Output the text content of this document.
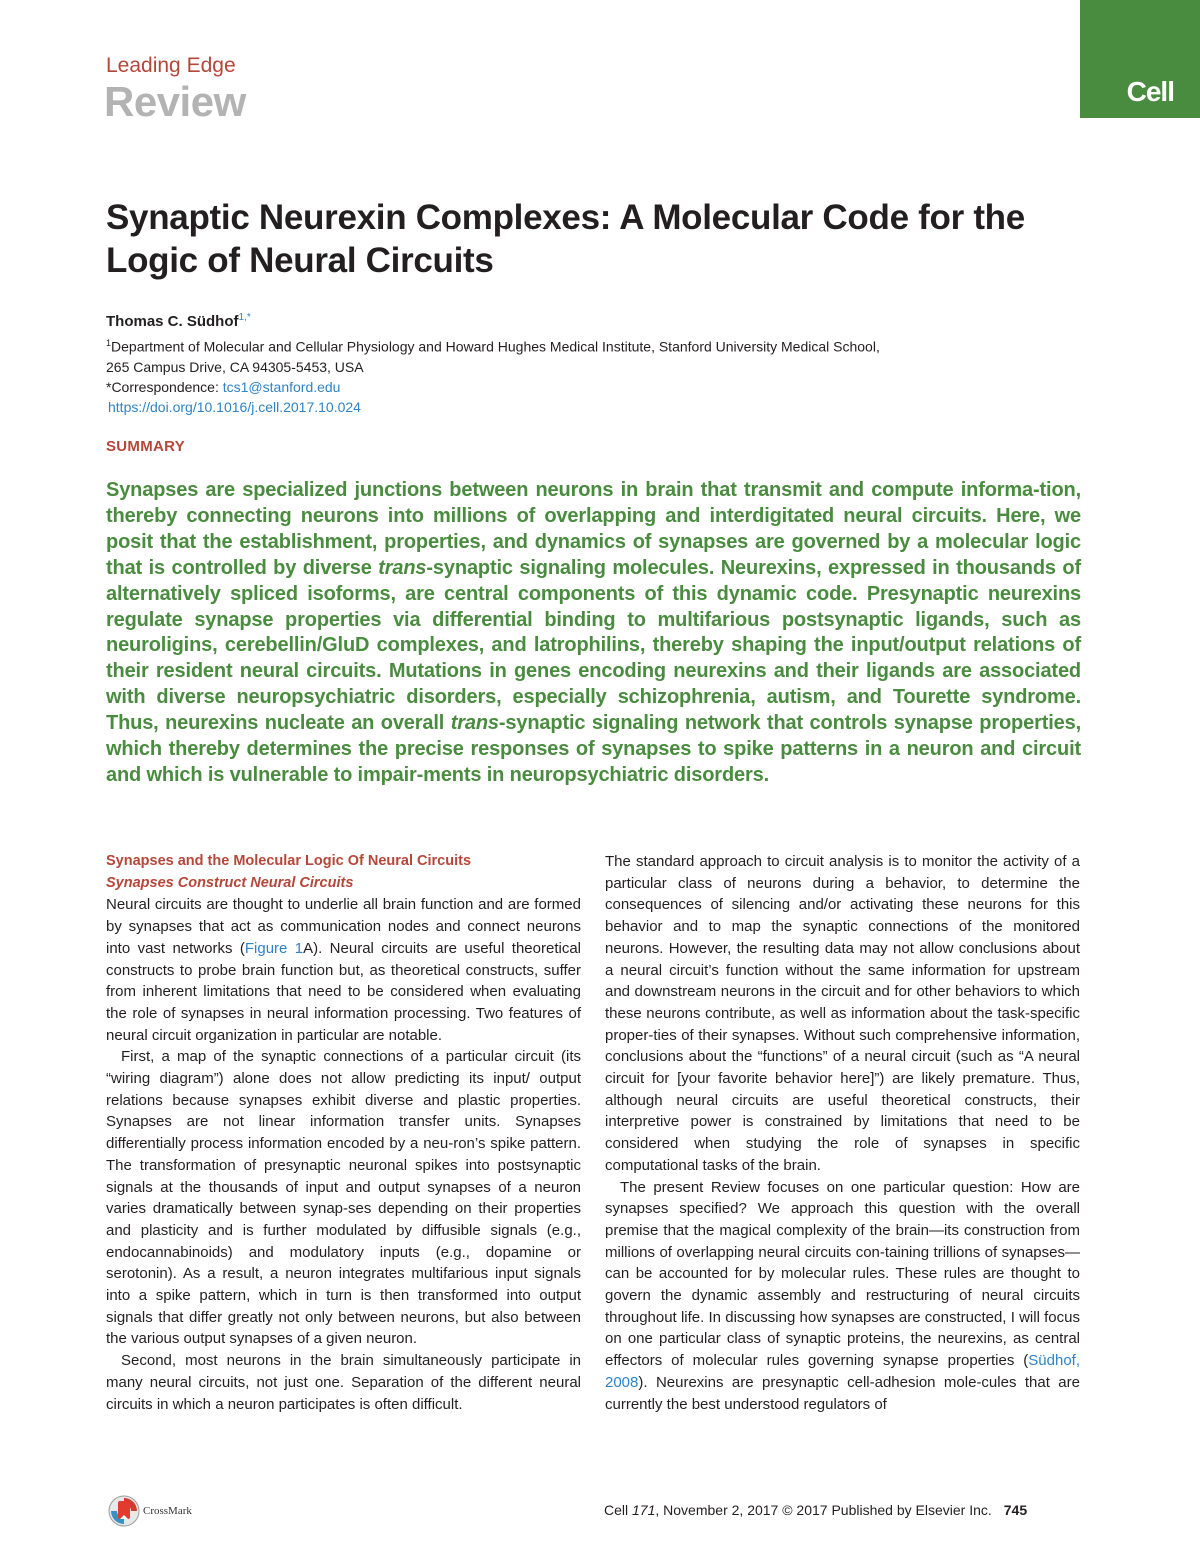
Leading Edge
Review	Cell
Synaptic Neurexin Complexes: A Molecular Code for the Logic of Neural Circuits
Thomas C. Südhof$^{1,*}$
$^1$Department of Molecular and Cellular Physiology and Howard Hughes Medical Institute, Stanford University Medical School,
265 Campus Drive, CA 94305-5453, USA
*Correspondence: tcs1@stanford.edu
https://doi.org/10.1016/j.cell.2017.10.024
SUMMARY
Synapses are specialized junctions between neurons in brain that transmit and compute informa-tion, thereby connecting neurons into millions of overlapping and interdigitated neural circuits. Here, we posit that the establishment, properties, and dynamics of synapses are governed by a molecular logic that is controlled by diverse trans-synaptic signaling molecules. Neurexins, expressed in thousands of alternatively spliced isoforms, are central components of this dynamic code. Presynaptic neurexins regulate synapse properties via differential binding to multifarious postsynaptic ligands, such as neuroligins, cerebellin/GluD complexes, and latrophilins, thereby shaping the input/output relations of their resident neural circuits. Mutations in genes encoding neurexins and their ligands are associated with diverse neuropsychiatric disorders, especially schizophrenia, autism, and Tourette syndrome. Thus, neurexins nucleate an overall trans-synaptic signaling network that controls synapse properties, which thereby determines the precise responses of synapses to spike patterns in a neuron and circuit and which is vulnerable to impair-ments in neuropsychiatric disorders.
Synapses and the Molecular Logic Of Neural Circuits
Synapses Construct Neural Circuits

Neural circuits are thought to underlie all brain function and are formed by synapses that act as communication nodes and connect neurons into vast networks (Figure 1A). Neural circuits are useful theoretical constructs to probe brain function but, as theoretical constructs, suffer from inherent limitations that need to be considered when evaluating the role of synapses in neural information processing. Two features of neural circuit organization in particular are notable.

First, a map of the synaptic connections of a particular circuit (its “wiring diagram”) alone does not allow predicting its input/ output relations because synapses exhibit diverse and plastic properties. Synapses are not linear information transfer units. Synapses differentially process information encoded by a neu-ron’s spike pattern. The transformation of presynaptic neuronal spikes into postsynaptic signals at the thousands of input and output synapses of a neuron varies dramatically between synap-ses depending on their properties and plasticity and is further modulated by diffusible signals (e.g., endocannabinoids) and modulatory inputs (e.g., dopamine or serotonin). As a result, a neuron integrates multifarious input signals into a spike pattern, which in turn is then transformed into output signals that differ greatly not only between neurons, but also between the various output synapses of a given neuron.

Second, most neurons in the brain simultaneously participate in many neural circuits, not just one. Separation of the different neural circuits in which a neuron participates is often difficult.

The standard approach to circuit analysis is to monitor the activity of a particular class of neurons during a behavior, to determine the consequences of silencing and/or activating these neurons for this behavior and to map the synaptic connections of the monitored neurons. However, the resulting data may not allow conclusions about a neural circuit’s function without the same information for upstream and downstream neurons in the circuit and for other behaviors to which these neurons contribute, as well as information about the task-specific proper-ties of their synapses. Without such comprehensive information, conclusions about the “functions” of a neural circuit (such as “A neural circuit for [your favorite behavior here]”) are likely premature. Thus, although neural circuits are useful theoretical constructs, their interpretive power is constrained by limitations that need to be considered when studying the role of synapses in specific computational tasks of the brain.

The present Review focuses on one particular question: How are synapses specified? We approach this question with the overall premise that the magical complexity of the brain—its construction from millions of overlapping neural circuits con-taining trillions of synapses—can be accounted for by molecular rules. These rules are thought to govern the dynamic assembly and restructuring of neural circuits throughout life. In discussing how synapses are constructed, I will focus on one particular class of synaptic proteins, the neurexins, as central effectors of molecular rules governing synapse properties (Südhof, 2008). Neurexins are presynaptic cell-adhesion mole-cules that are currently the best understood regulators of

CrossMark	Cell 171, November 2, 2017 © 2017 Published by Elsevier Inc. 745
